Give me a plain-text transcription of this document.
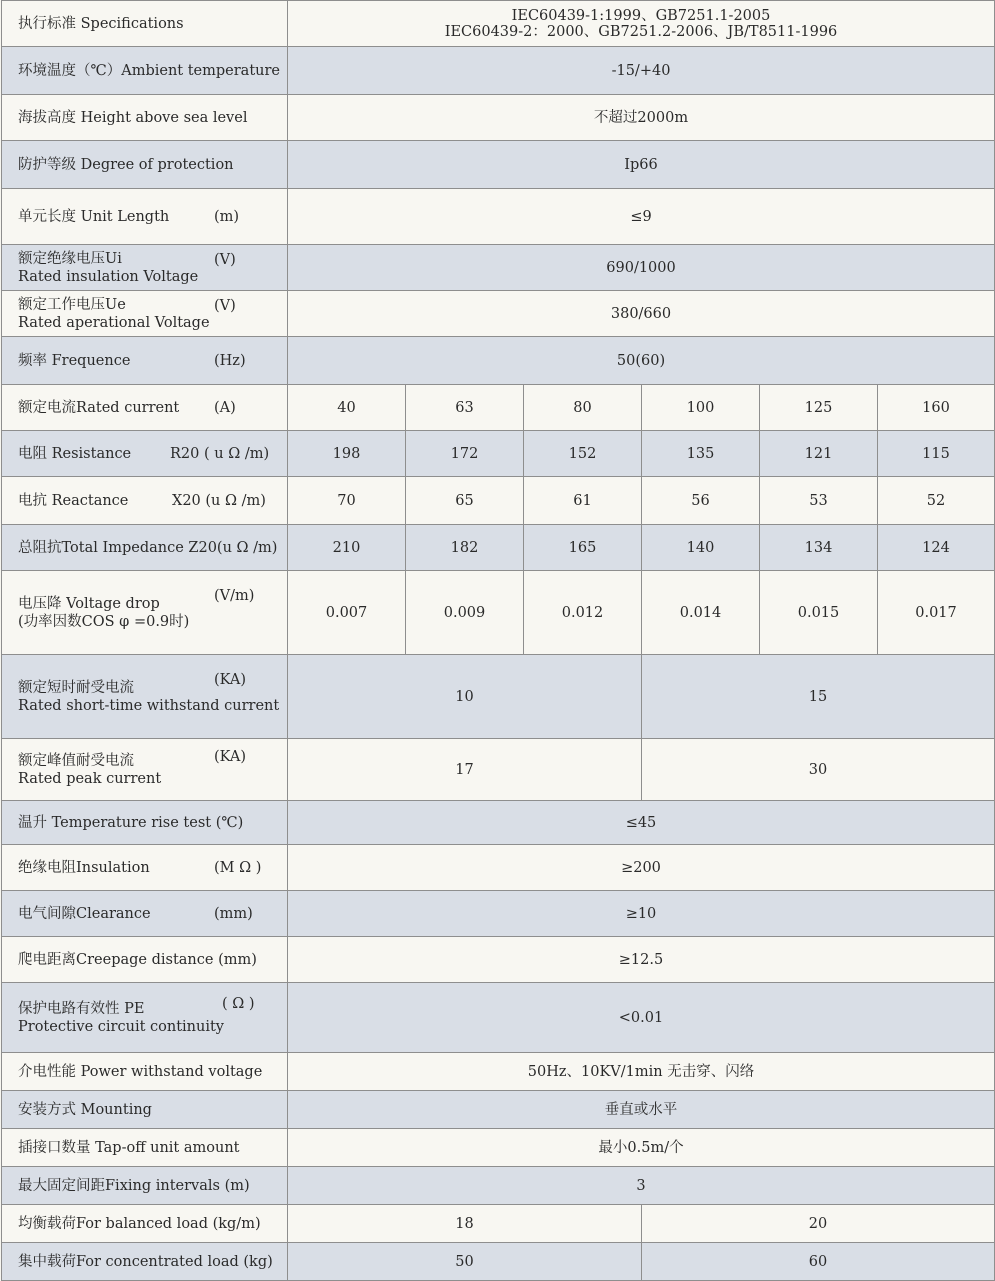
执行标准 Specifications	IEC60439-1:1999、GB7251.1-2005
IEC60439-2：2000、GB7251.2-2006、JB/T8511-1996					

环境温度（℃）Ambient temperature	-15/+40					
海拔高度 Height above sea level	不超过2000m					
防护等级 Degree of protection	Ip66					
单元长度 Unit Length (m)	≤9					

额定绝缘电压Ui
Rated insulation Voltage
(V)	690/1000					

额定工作电压Ue
Rated aperational Voltage
(V)	380/660					
频率 Frequence (Hz)	50(60)					
额定电流Rated current (A)	40	63	80	100	125	160
电阻 Resistance R20 ( u Ω /m)	198	172	152	135	121	115
电抗 Reactance X20 (u Ω /m)	70	65	61	56	53	52
总阻抗Total Impedance Z20(u Ω /m)	210	182	165	140	134	124

电压降 Voltage drop
(功率因数COS φ =0.9时)
(V/m)	0.007	0.009	0.012	0.014	0.015	0.017

额定短时耐受电流
Rated short-time withstand current
(KA)	10			15		

额定峰值耐受电流
Rated peak current
(KA)	17			30		
温升 Temperature rise test (℃)	≤45					
绝缘电阻Insulation (M Ω )	≥200					
电气间隙Clearance (mm)	≥10					
爬电距离Creepage distance (mm)	≥12.5					

保护电路有效性 PE
Protective circuit continuity
( Ω )	<0.01					
介电性能 Power withstand voltage	50Hz、10KV/1min 无击穿、闪络					
安装方式 Mounting	垂直或水平					
插接口数量 Tap-off unit amount	最小0.5m/个					
最大固定间距Fixing intervals (m)	3					
均衡载荷For balanced load (kg/m)	18			20		
集中载荷For concentrated load (kg)	50			60		
